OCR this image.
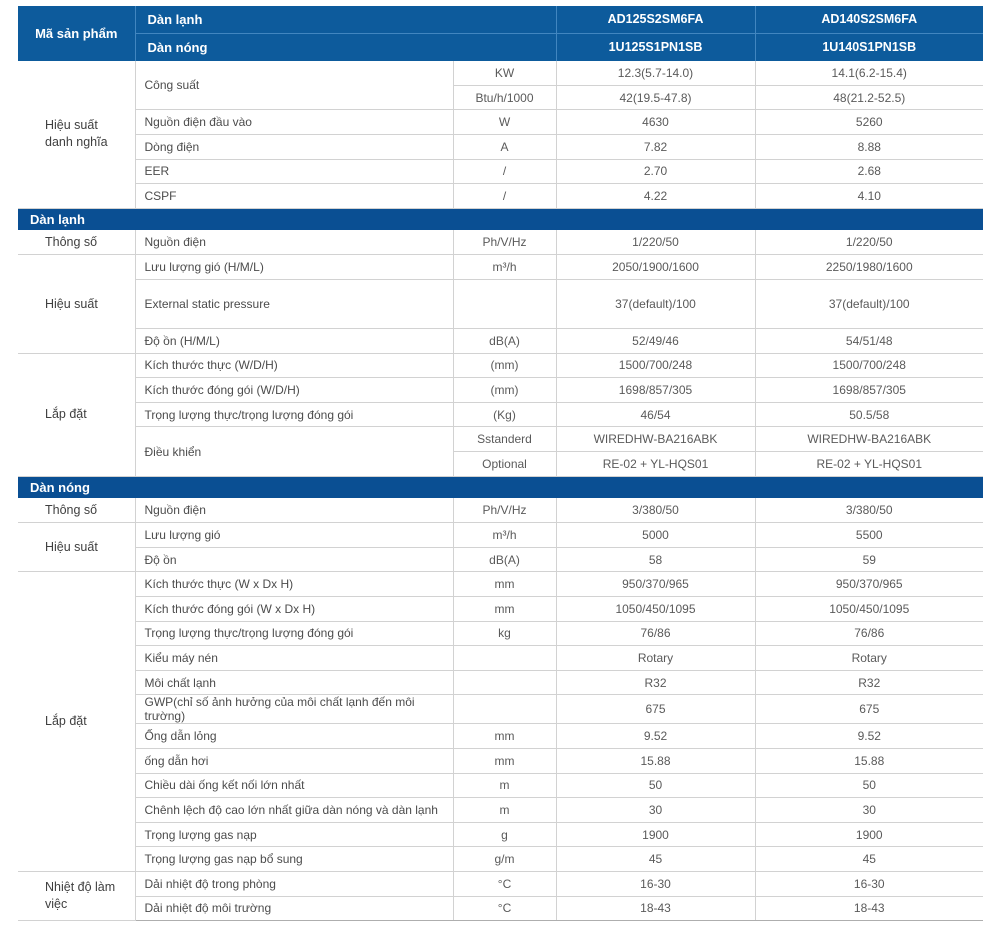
Mã sản phẩm	Dàn lạnh		AD125S2SM6FA	AD140S2SM6FA
	Dàn nóng		1U125S1PN1SB	1U140S1PN1SB
Hiệu suất danh nghĩa	Công suất	KW	12.3(5.7-14.0)	14.1(6.2-15.4)
		Btu/h/1000	42(19.5-47.8)	48(21.2-52.5)
	Nguồn điện đầu vào	W	4630	5260
	Dòng điện	A	7.82	8.88
	EER	/	2.70	2.68
	CSPF	/	4.22	4.10
Dàn lạnh				
Thông số	Nguồn điện	Ph/V/Hz	1/220/50	1/220/50
Hiệu suất	Lưu lượng gió (H/M/L)	m³/h	2050/1900/1600	2250/1980/1600
	External static pressure		37(default)/100	37(default)/100
	Độ ồn (H/M/L)	dB(A)	52/49/46	54/51/48
Lắp đặt	Kích thước thực (W/D/H)	(mm)	1500/700/248	1500/700/248
	Kích thước đóng gói (W/D/H)	(mm)	1698/857/305	1698/857/305
	Trọng lượng thực/trọng lượng đóng gói	(Kg)	46/54	50.5/58
	Điều khiển	Sstanderd	WIREDHW-BA216ABK	WIREDHW-BA216ABK
		Optional	RE-02 + YL-HQS01	RE-02 + YL-HQS01
Dàn nóng				
Thông số	Nguồn điện	Ph/V/Hz	3/380/50	3/380/50
Hiệu suất	Lưu lượng gió	m³/h	5000	5500
	Độ ồn	dB(A)	58	59
Lắp đặt	Kích thước thực (W x Dx H)	mm	950/370/965	950/370/965
	Kích thước đóng gói (W x Dx H)	mm	1050/450/1095	1050/450/1095
	Trọng lượng thực/trọng lượng đóng gói	kg	76/86	76/86
	Kiểu máy nén		Rotary	Rotary
	Môi chất lạnh		R32	R32
	GWP(chỉ số ảnh hưởng của môi chất lạnh đến môi trường)		675	675
	Ống dẫn lỏng	mm	9.52	9.52
	ống dẫn hơi	mm	15.88	15.88
	Chiều dài ống kết nối lớn nhất	m	50	50
	Chênh lệch độ cao lớn nhất giữa dàn nóng và dàn lạnh	m	30	30
	Trọng lượng gas nạp	g	1900	1900
	Trọng lượng gas nạp bổ sung	g/m	45	45
Nhiệt độ làm việc	Dải nhiệt độ trong phòng	°C	16-30	16-30
	Dải nhiệt độ môi trường	°C	18-43	18-43
